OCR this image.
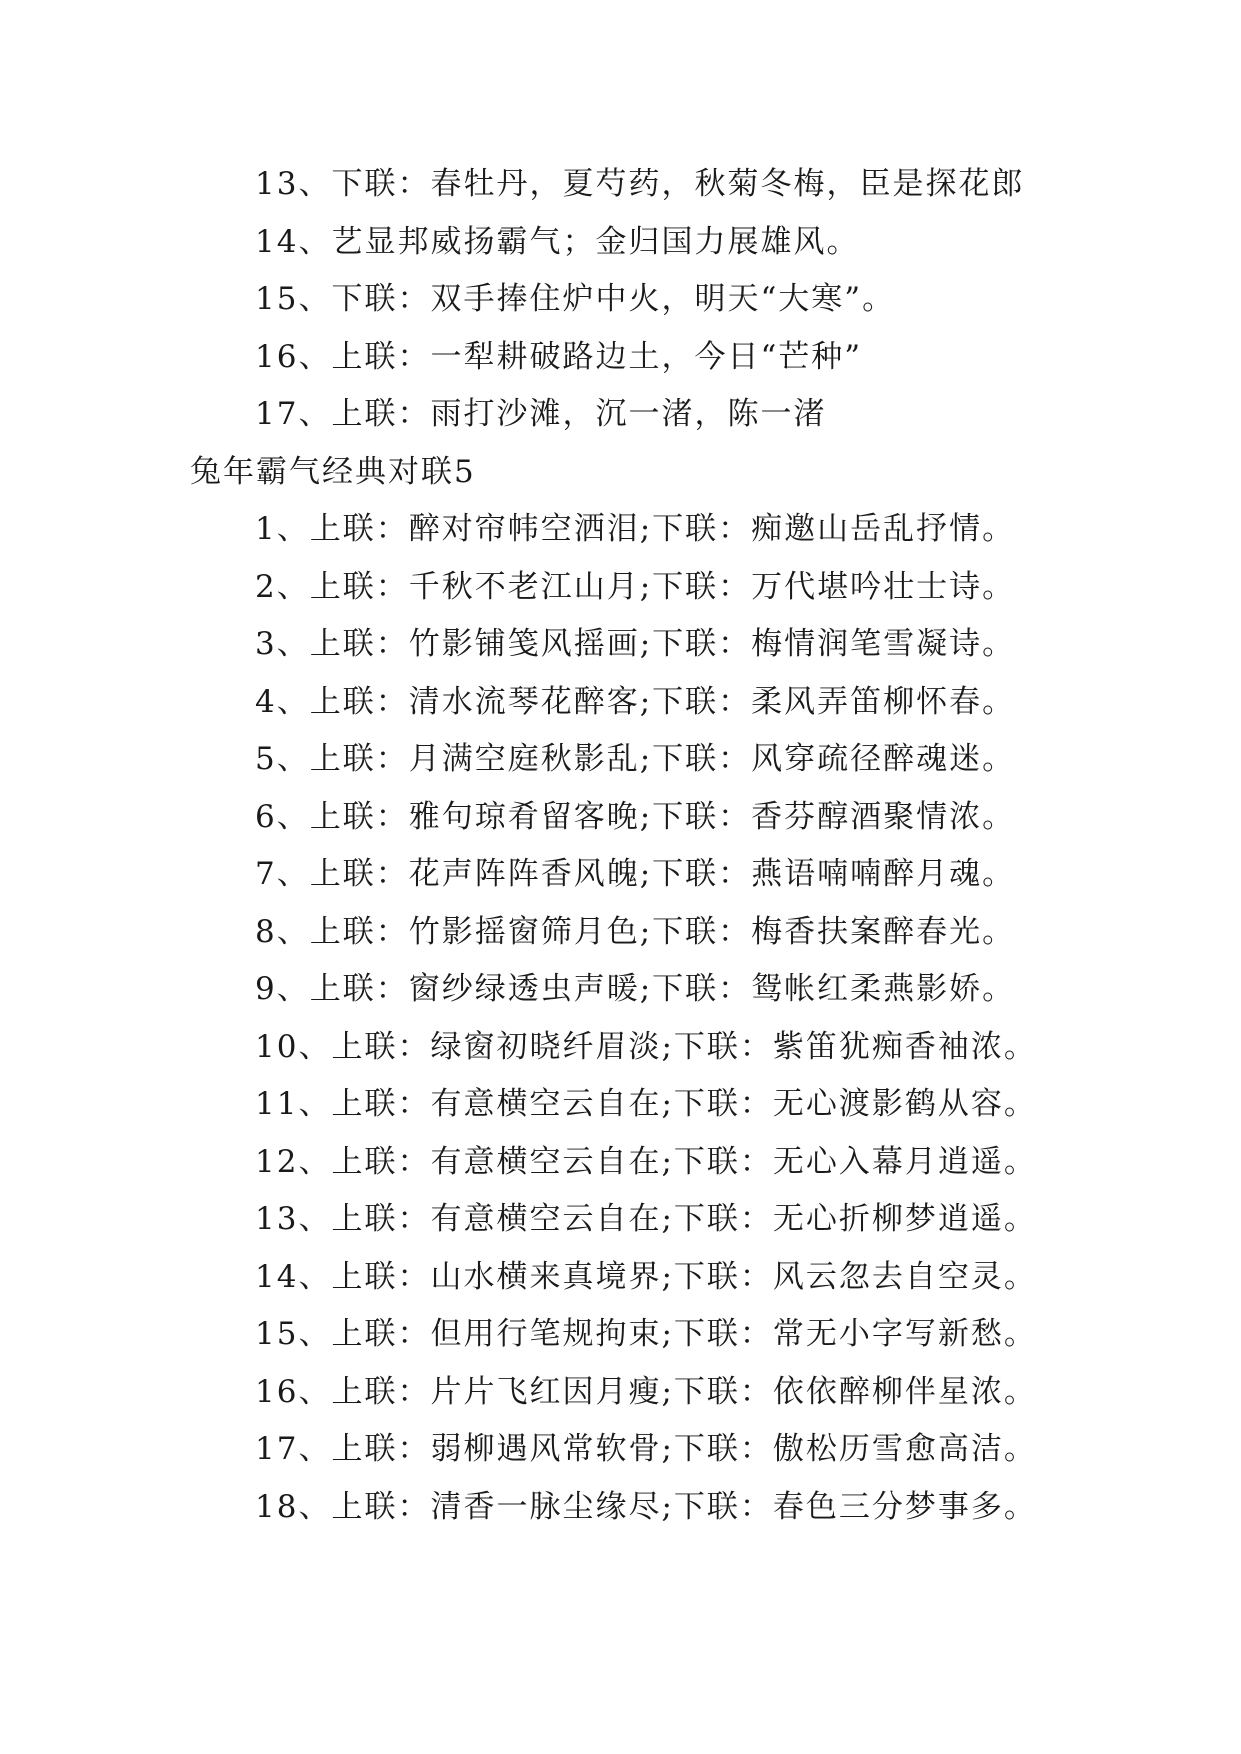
13、下联：春牡丹，夏芍药，秋菊冬梅，臣是探花郎
14、艺显邦威扬霸气；金归国力展雄风。
15、下联：双手捧住炉中火，明天“大寒”。
16、上联：一犁耕破路边土，今日“芒种”
17、上联：雨打沙滩，沉一渚，陈一渚
兔年霸气经典对联5
1、上联：醉对帘帏空洒泪;下联：痴邀山岳乱抒情。
2、上联：千秋不老江山月;下联：万代堪吟壮士诗。
3、上联：竹影铺笺风摇画;下联：梅情润笔雪凝诗。
4、上联：清水流琴花醉客;下联：柔风弄笛柳怀春。
5、上联：月满空庭秋影乱;下联：风穿疏径醉魂迷。
6、上联：雅句琼肴留客晚;下联：香芬醇酒聚情浓。
7、上联：花声阵阵香风魄;下联：燕语喃喃醉月魂。
8、上联：竹影摇窗筛月色;下联：梅香扶案醉春光。
9、上联：窗纱绿透虫声暖;下联：鸳帐红柔燕影娇。
10、上联：绿窗初晓纤眉淡;下联：紫笛犹痴香袖浓。
11、上联：有意横空云自在;下联：无心渡影鹤从容。
12、上联：有意横空云自在;下联：无心入幕月逍遥。
13、上联：有意横空云自在;下联：无心折柳梦逍遥。
14、上联：山水横来真境界;下联：风云忽去自空灵。
15、上联：但用行笔规拘束;下联：常无小字写新愁。
16、上联：片片飞红因月瘦;下联：依依醉柳伴星浓。
17、上联：弱柳遇风常软骨;下联：傲松历雪愈高洁。
18、上联：清香一脉尘缘尽;下联：春色三分梦事多。
